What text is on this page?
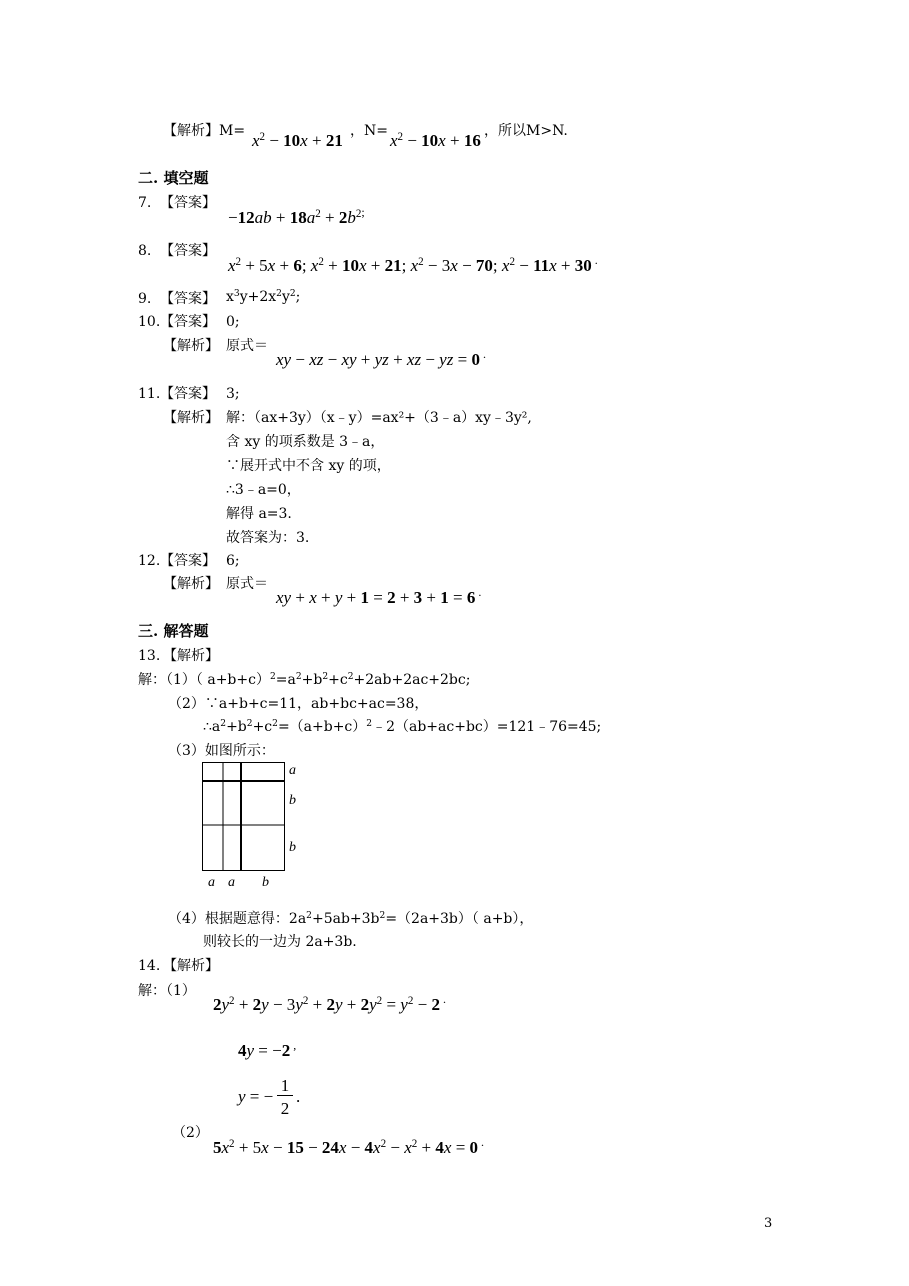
【解析】$M= x^2 - 10x + 21$ ，$N= x^2 - 10x + 16$ ，所以M>N.
二. 填空题
7. 【答案】
$-12ab + 18a^2 + 2b^{2;}$
8. 【答案】
$x^2 + 5x + 6$; $x^2 + 10x + 21$; $x^2 - 3x - 70$; $x^2 - 11x + 30$ .
9. 【答案】 $x^3y+2x^2y^2$;
10. 【答案】 0;
【解析】 原式＝
xy − xz − xy + yz + xz − yz = 0 .
11. 【答案】 3;
【解析】 解：（ax+3y）（x﹣y）=ax²+（3﹣a）xy﹣3y²,
含 xy 的项系数是 3﹣a，
∵展开式中不含 xy 的项，
∴3﹣a=0，
解得 a=3.
故答案为：3.
12. 【答案】 6;
【解析】 原式＝
xy + x + y + 1 = 2 + 3 + 1 = 6 .
三. 解答题
13. 【解析】
解：（1）（ $a+b+c)^2=a^2+b^2+c^2+2ab+2ac+2bc$;
（2）∵a+b+c=11，ab+bc+ac=38，
$\therefore a^2+b^2+c^2=(a+b+c)^2﹣2(ab+ac+bc)=121﹣76=45$;
（3）如图所示：
a
b
b
a a b
（4）根据题意得：$2a^2+5ab+3b^2=(2a+3b)$（ a+b），
则较长的一边为 2a+3b.
14. 【解析】
解：（1）
$2y^2 + 2y - 3y^2 + 2y + 2y^2 = y^2 - 2$ .
4y = −2 ,
y = −
1
2
.
（2）
$5x^2 + 5x - 15 - 24x - 4x^2 - x^2 + 4x = 0$ .
3
